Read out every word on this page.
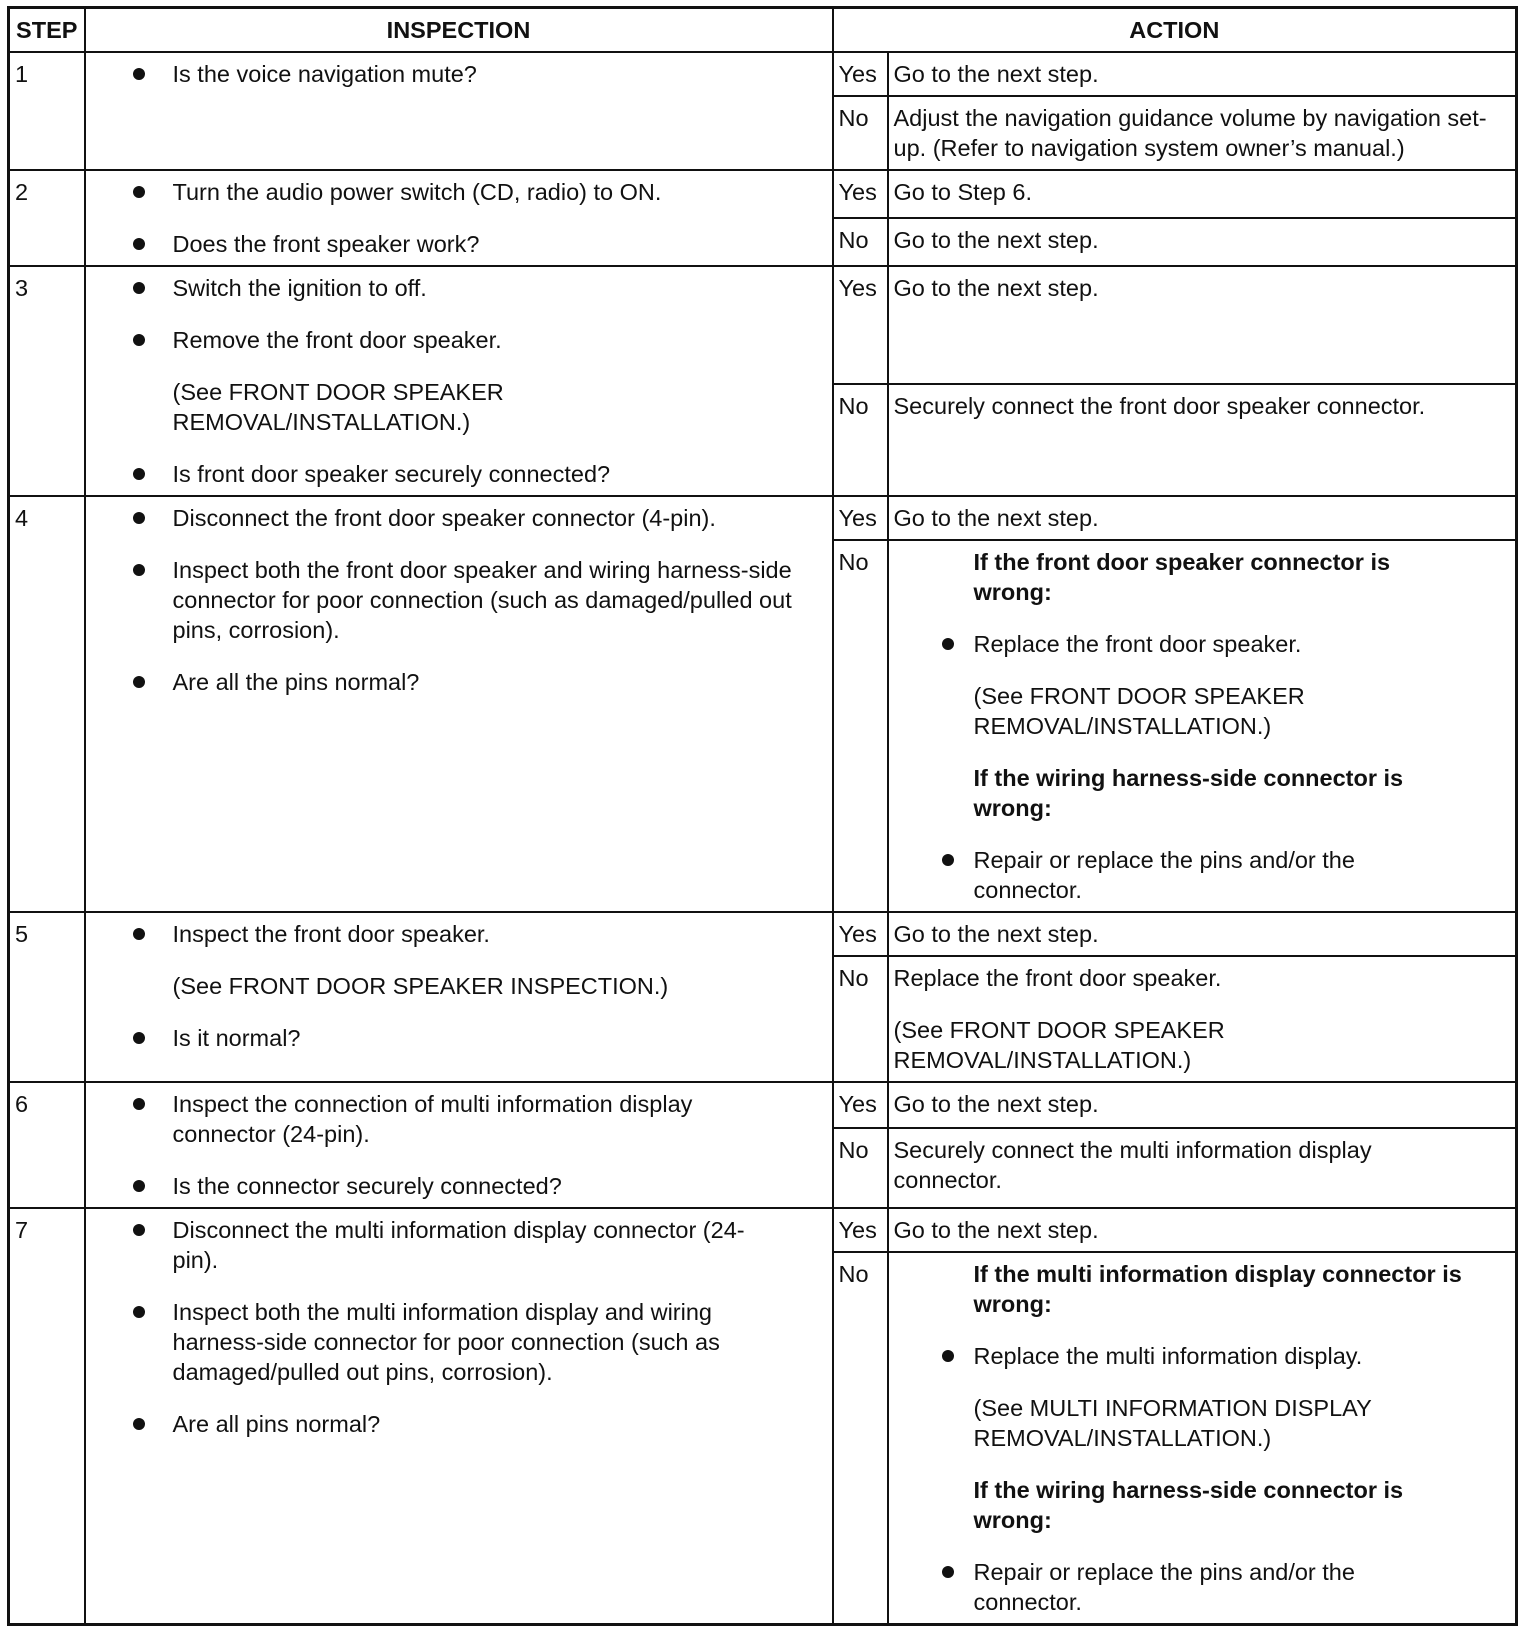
STEP	INSPECTION	ACTION	
1	Is the voice navigation mute?	Yes	Go to the next step.
		No	Adjust the navigation guidance volume by navigation set-up. (Refer to navigation system owner’s manual.)
2	Turn the audio power switch (CD, radio) to ON.
Does the front speaker work?	Yes	Go to Step 6.
		No	Go to the next step.
3	Switch the ignition to off.
Remove the front door speaker.
(See FRONT DOOR SPEAKER REMOVAL/INSTALLATION.)
Is front door speaker securely connected?	Yes	Go to the next step.
		No	Securely connect the front door speaker connector.
4	Disconnect the front door speaker connector (4-pin).
Inspect both the front door speaker and wiring harness-side connector for poor connection (such as damaged/pulled out pins, corrosion).
Are all the pins normal?	Yes	Go to the next step.
		No	If the front door speaker connector is wrong:
Replace the front door speaker.
(See FRONT DOOR SPEAKER REMOVAL/INSTALLATION.)
If the wiring harness-side connector is wrong:
Repair or replace the pins and/or the connector.

5	Inspect the front door speaker.
(See FRONT DOOR SPEAKER INSPECTION.)
Is it normal?	Yes	Go to the next step.
		No	Replace the front door speaker.

(See FRONT DOOR SPEAKER REMOVAL/INSTALLATION.)

6	Inspect the connection of multi information display connector (24-pin).
Is the connector securely connected?	Yes	Go to the next step.
		No	Securely connect the multi information display connector.
7	Disconnect the multi information display connector (24-pin).
Inspect both the multi information display and wiring harness-side connector for poor connection (such as damaged/pulled out pins, corrosion).
Are all pins normal?	Yes	Go to the next step.
		No	If the multi information display connector is wrong:
Replace the multi information display.
(See MULTI INFORMATION DISPLAY REMOVAL/INSTALLATION.)
If the wiring harness-side connector is wrong:
Repair or replace the pins and/or the connector.
